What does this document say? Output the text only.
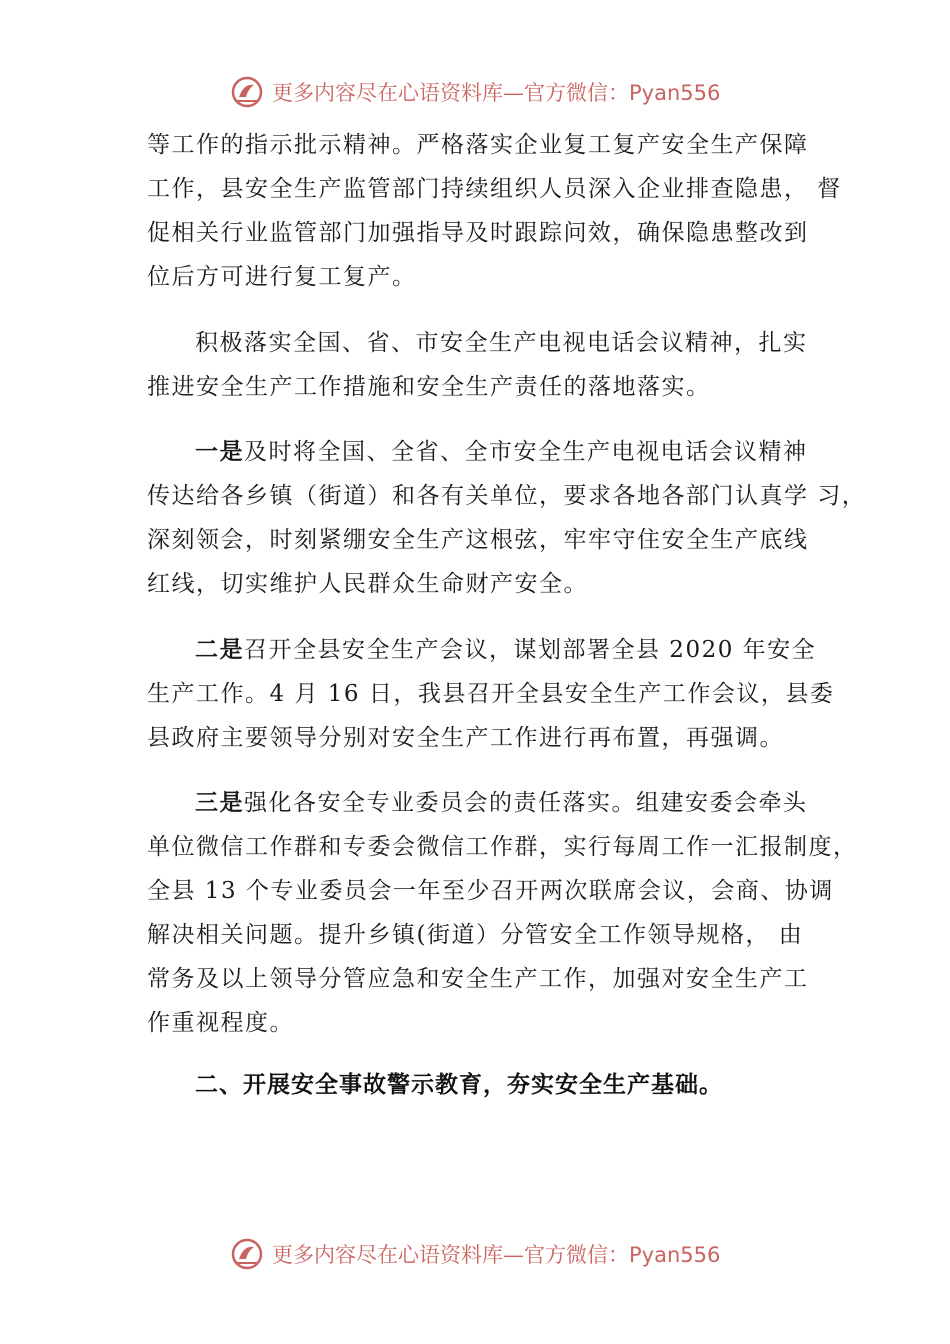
更多内容尽在心语资料库—官方微信：Pyan556
等工作的指示批示精神。严格落实企业复工复产安全生产保障
工作，县安全生产监管部门持续组织人员深入企业排查隐患， 督
促相关行业监管部门加强指导及时跟踪问效，确保隐患整改到
位后方可进行复工复产。
积极落实全国、省、市安全生产电视电话会议精神，扎实
推进安全生产工作措施和安全生产责任的落地落实。
一是及时将全国、全省、全市安全生产电视电话会议精神
传达给各乡镇（街道）和各有关单位，要求各地各部门认真学 习，
深刻领会，时刻紧绷安全生产这根弦，牢牢守住安全生产底线
红线，切实维护人民群众生命财产安全。
二是召开全县安全生产会议，谋划部署全县 2020 年安全
生产工作。4 月 16 日，我县召开全县安全生产工作会议，县委
县政府主要领导分别对安全生产工作进行再布置，再强调。
三是强化各安全专业委员会的责任落实。组建安委会牵头
单位微信工作群和专委会微信工作群，实行每周工作一汇报制度，
全县 13 个专业委员会一年至少召开两次联席会议，会商、协调
解决相关问题。提升乡镇(街道）分管安全工作领导规格， 由
常务及以上领导分管应急和安全生产工作，加强对安全生产工
作重视程度。
二、开展安全事故警示教育，夯实安全生产基础。
更多内容尽在心语资料库—官方微信：Pyan556
